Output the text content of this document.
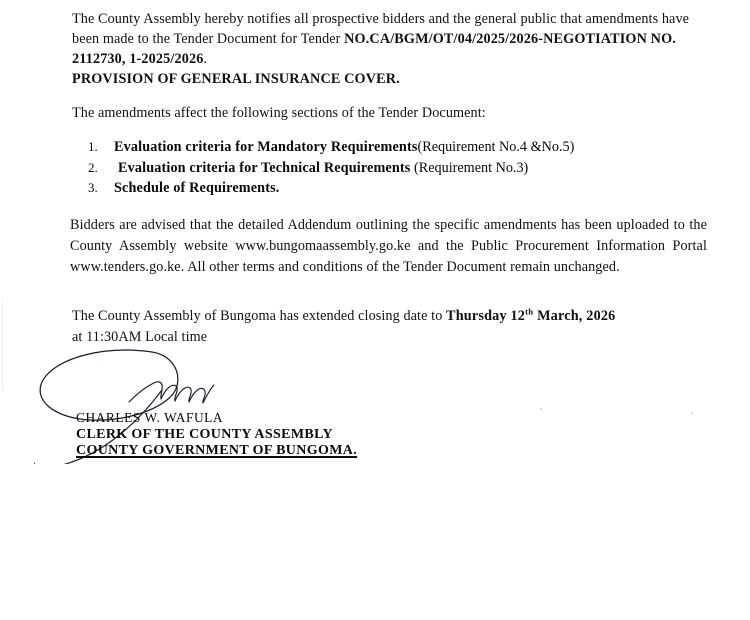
The County Assembly hereby notifies all prospective bidders and the general public that amendments have been made to the Tender Document for Tender NO.CA/BGM/OT/04/2025/2026-NEGOTIATION NO. 2112730, 1-2025/2026.
PROVISION OF GENERAL INSURANCE COVER.
The amendments affect the following sections of the Tender Document:
1. Evaluation criteria for Mandatory Requirements(Requirement No.4 &No.5)
2. Evaluation criteria for Technical Requirements (Requirement No.3)
3. Schedule of Requirements.
Bidders are advised that the detailed Addendum outlining the specific amendments has been uploaded to the County Assembly website www.bungomaassembly.go.ke and the Public Procurement Information Portal www.tenders.go.ke. All other terms and conditions of the Tender Document remain unchanged.
The County Assembly of Bungoma has extended closing date to Thursday 12th March, 2026
at 11:30AM Local time
CHARLES W. WAFULA
CLERK OF THE COUNTY ASSEMBLY
COUNTY GOVERNMENT OF BUNGOMA.
